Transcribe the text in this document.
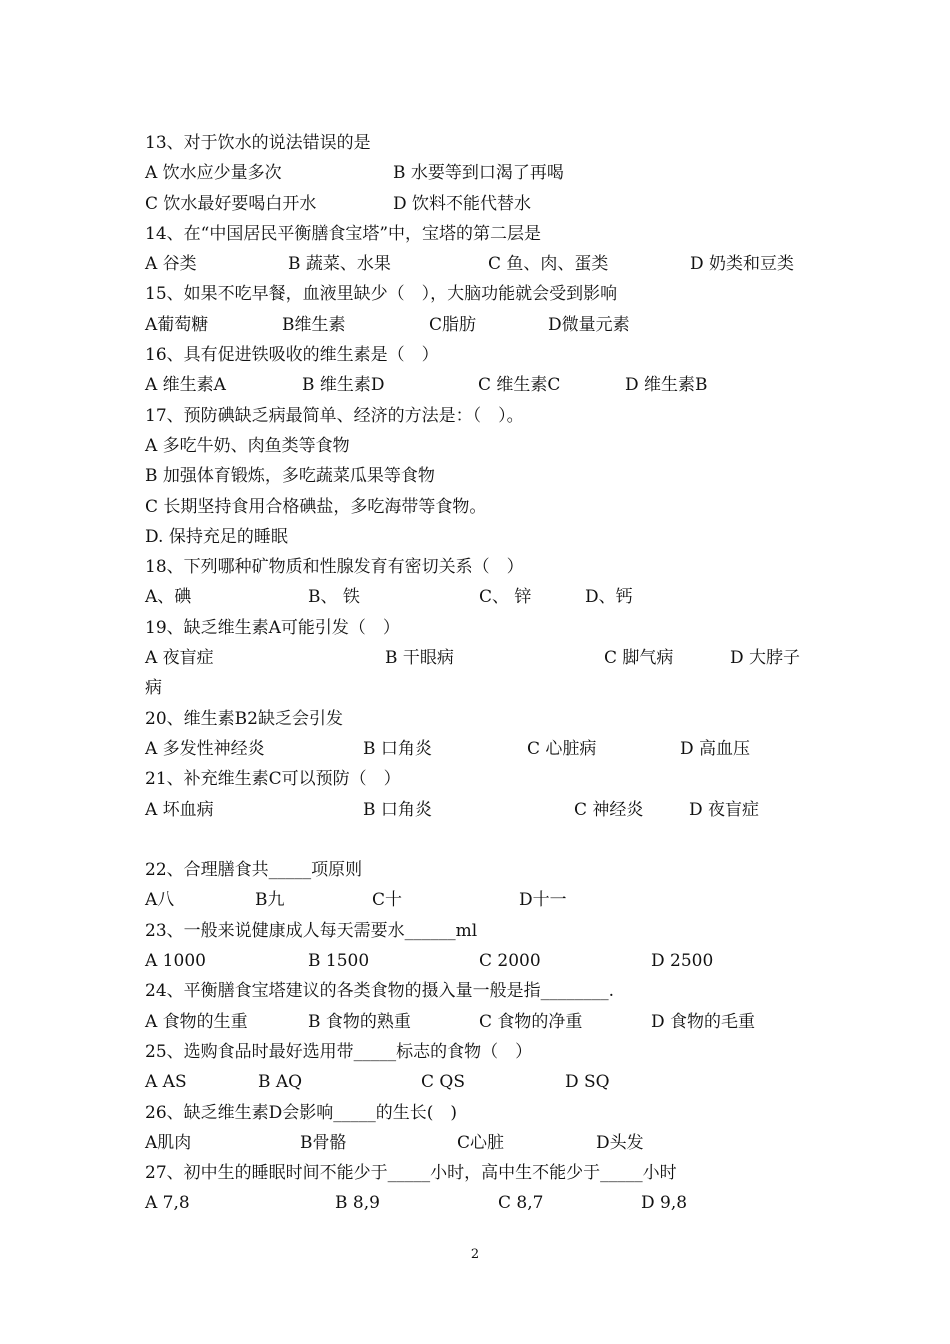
13、对于饮水的说法错误的是
A 饮水应少量多次	B 水要等到口渴了再喝
C 饮水最好要喝白开水	D 饮料不能代替水
14、在“中国居民平衡膳食宝塔”中，宝塔的第二层是
A 谷类	B 蔬菜、水果	C 鱼、肉、蛋类	D 奶类和豆类
15、如果不吃早餐，血液里缺少（　），大脑功能就会受到影响
A葡萄糖	B维生素	C脂肪	D微量元素
16、具有促进铁吸收的维生素是（　）
A 维生素A	B 维生素D	C 维生素C	D 维生素B
17、预防碘缺乏病最简单、经济的方法是：（　）。
A 多吃牛奶、肉鱼类等食物
B 加强体育锻炼，多吃蔬菜瓜果等食物
C 长期坚持食用合格碘盐，多吃海带等食物。
D. 保持充足的睡眠
18、下列哪种矿物质和性腺发育有密切关系（　）
A、碘	B、 铁	C、 锌	D、钙
19、缺乏维生素A可能引发（　）
A 夜盲症	B 干眼病	C 脚气病	D 大脖子
病
20、维生素B2缺乏会引发
A 多发性神经炎	B 口角炎	C 心脏病	D 高血压
21、补充维生素C可以预防（　）
A 坏血病	B 口角炎	C 神经炎	D 夜盲症
22、合理膳食共_____项原则
A八	B九	C十	D十一
23、一般来说健康成人每天需要水______ml
A 1000	B 1500	C 2000	D 2500
24、平衡膳食宝塔建议的各类食物的摄入量一般是指________.
A 食物的生重	B 食物的熟重	C 食物的净重	D 食物的毛重
25、选购食品时最好选用带_____标志的食物（　）
A AS	B AQ	C QS	D SQ
26、缺乏维生素D会影响_____的生长(　)
A肌肉	B骨骼	C心脏	D头发
27、初中生的睡眠时间不能少于_____小时，高中生不能少于_____小时
A 7,8	B 8,9	C 8,7	D 9,8
2
